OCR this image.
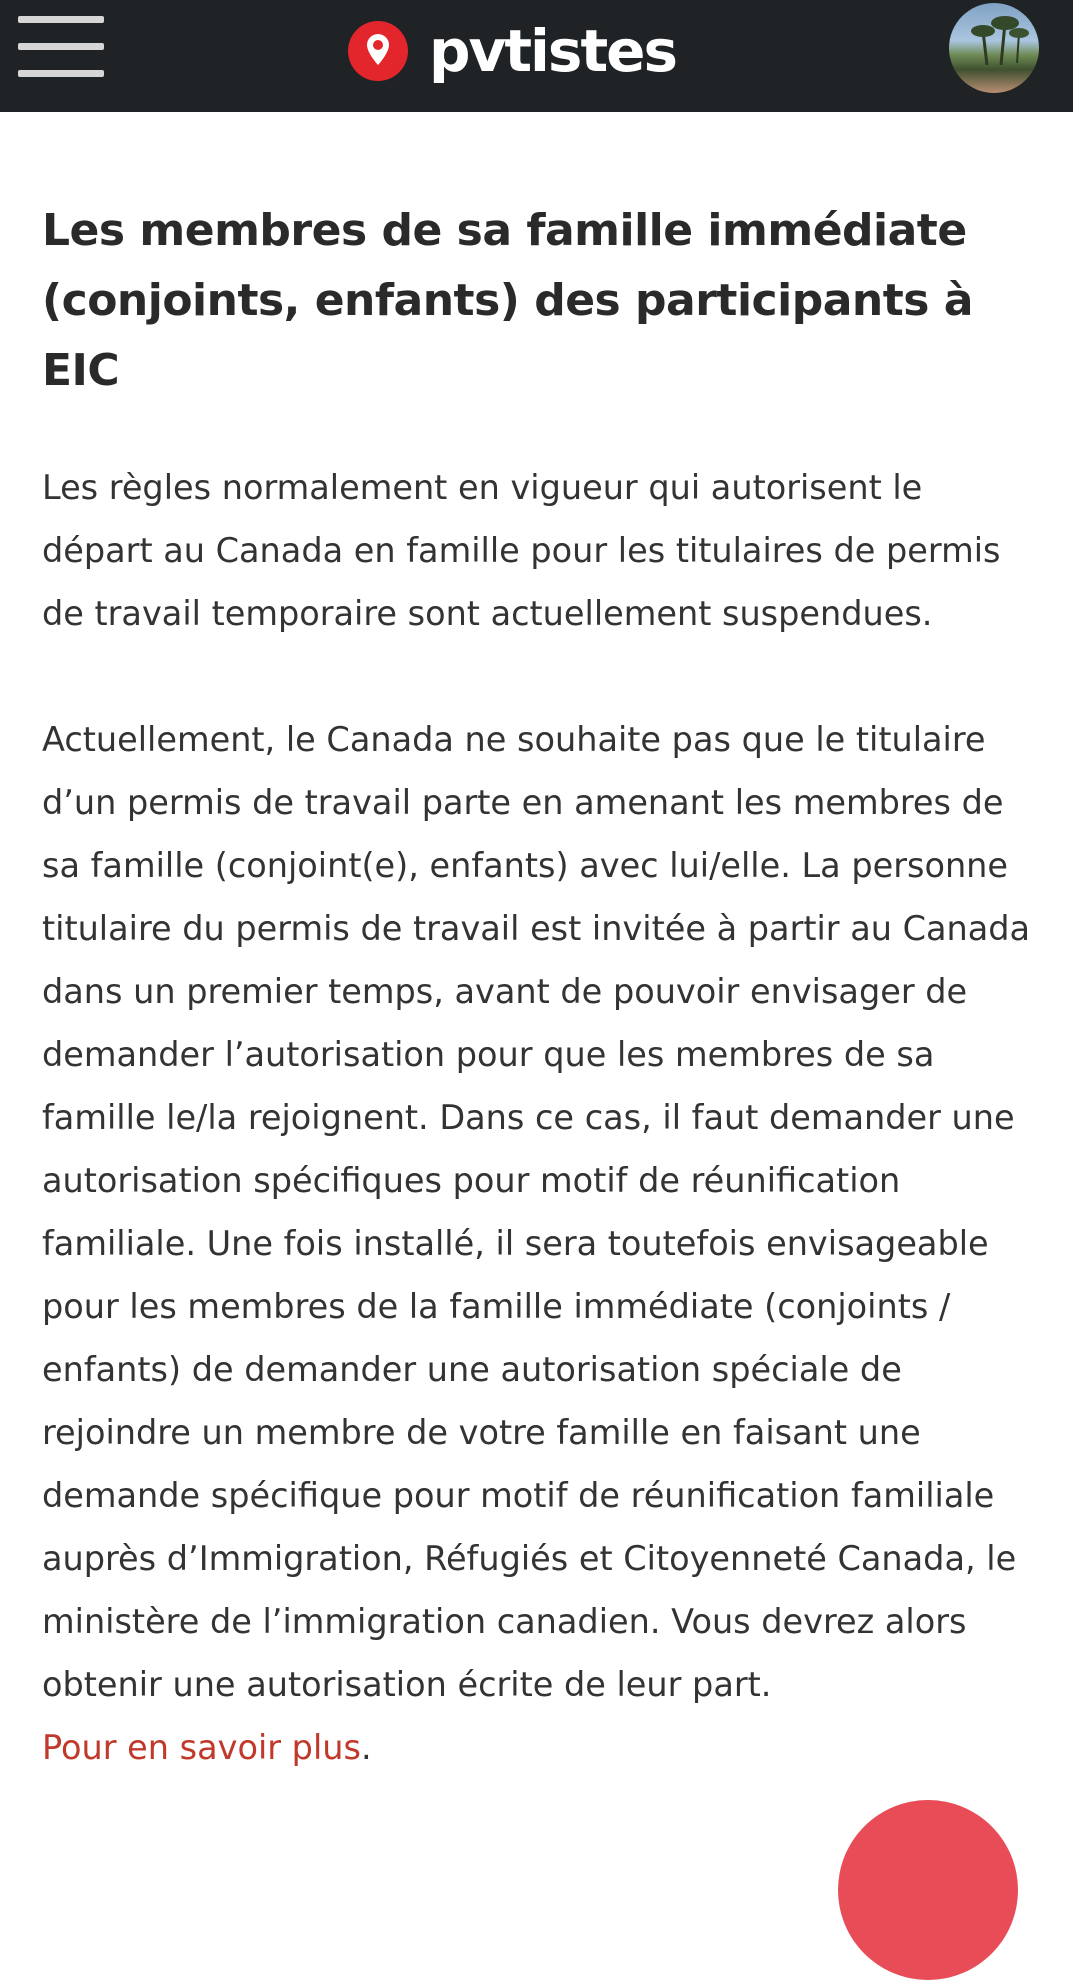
pvtistes
Les membres de sa famille immédiate (conjoints, enfants) des participants à EIC

Les règles normalement en vigueur qui autorisent le départ au Canada en famille pour les titulaires de permis de travail temporaire sont actuellement suspendues.

Actuellement, le Canada ne souhaite pas que le titulaire d’un permis de travail parte en amenant les membres de sa famille (conjoint(e), enfants) avec lui/elle. La personne titulaire du permis de travail est invitée à partir au Canada dans un premier temps, avant de pouvoir envisager de demander l’autorisation pour que les membres de sa famille le/la rejoignent. Dans ce cas, il faut demander une autorisation spécifiques pour motif de réunification familiale. Une fois installé, il sera toutefois envisageable pour les membres de la famille immédiate (conjoints / enfants) de demander une autorisation spéciale de rejoindre un membre de votre famille en faisant une demande spécifique pour motif de réunification familiale auprès d’Immigration, Réfugiés et Citoyenneté Canada, le ministère de l’immigration canadien. Vous devrez alors obtenir une autorisation écrite de leur part.

Pour en savoir plus.
